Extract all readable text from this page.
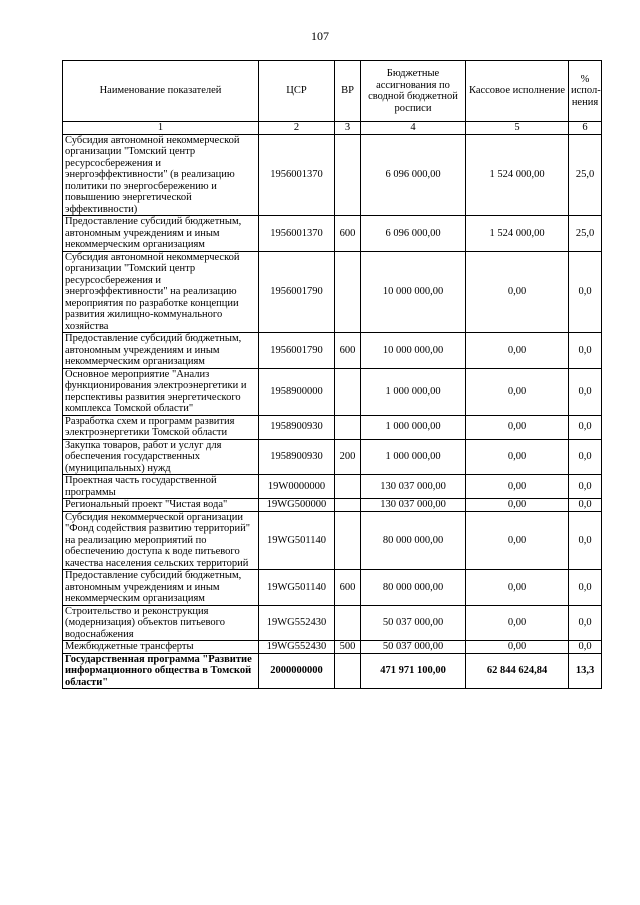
107
Наименование показателей	ЦСР	ВР	Бюджетные ассигнования по сводной бюджетной росписи	Кассовое исполнение	% испол-нения
1	2	3	4	5	6
Субсидия автономной некоммерческой организации "Томский центр ресурсосбережения и энергоэффективности" (в реализацию политики по энергосбережению и повышению энергетической эффективности)	1956001370		6 096 000,00	1 524 000,00	25,0
Предоставление субсидий бюджетным, автономным учреждениям и иным некоммерческим организациям	1956001370	600	6 096 000,00	1 524 000,00	25,0
Субсидия автономной некоммерческой организации "Томский центр ресурсосбережения и энергоэффективности" на реализацию мероприятия по разработке концепции развития жилищно-коммунального хозяйства	1956001790		10 000 000,00	0,00	0,0
Предоставление субсидий бюджетным, автономным учреждениям и иным некоммерческим организациям	1956001790	600	10 000 000,00	0,00	0,0
Основное мероприятие "Анализ функционирования электроэнергетики и перспективы развития энергетического комплекса Томской области"	1958900000		1 000 000,00	0,00	0,0
Разработка схем и программ развития электроэнергетики Томской области	1958900930		1 000 000,00	0,00	0,0
Закупка товаров, работ и услуг для обеспечения государственных (муниципальных) нужд	1958900930	200	1 000 000,00	0,00	0,0
Проектная часть государственной программы	19W0000000		130 037 000,00	0,00	0,0
Региональный проект "Чистая вода"	19WG500000		130 037 000,00	0,00	0,0
Субсидия некоммерческой организации "Фонд содействия развитию территорий" на реализацию мероприятий по обеспечению доступа к воде питьевого качества населения сельских территорий	19WG501140		80 000 000,00	0,00	0,0
Предоставление субсидий бюджетным, автономным учреждениям и иным некоммерческим организациям	19WG501140	600	80 000 000,00	0,00	0,0
Строительство и реконструкция (модернизация) объектов питьевого водоснабжения	19WG552430		50 037 000,00	0,00	0,0
Межбюджетные трансферты	19WG552430	500	50 037 000,00	0,00	0,0
Государственная программа "Развитие информационного общества в Томской области"	2000000000		471 971 100,00	62 844 624,84	13,3
